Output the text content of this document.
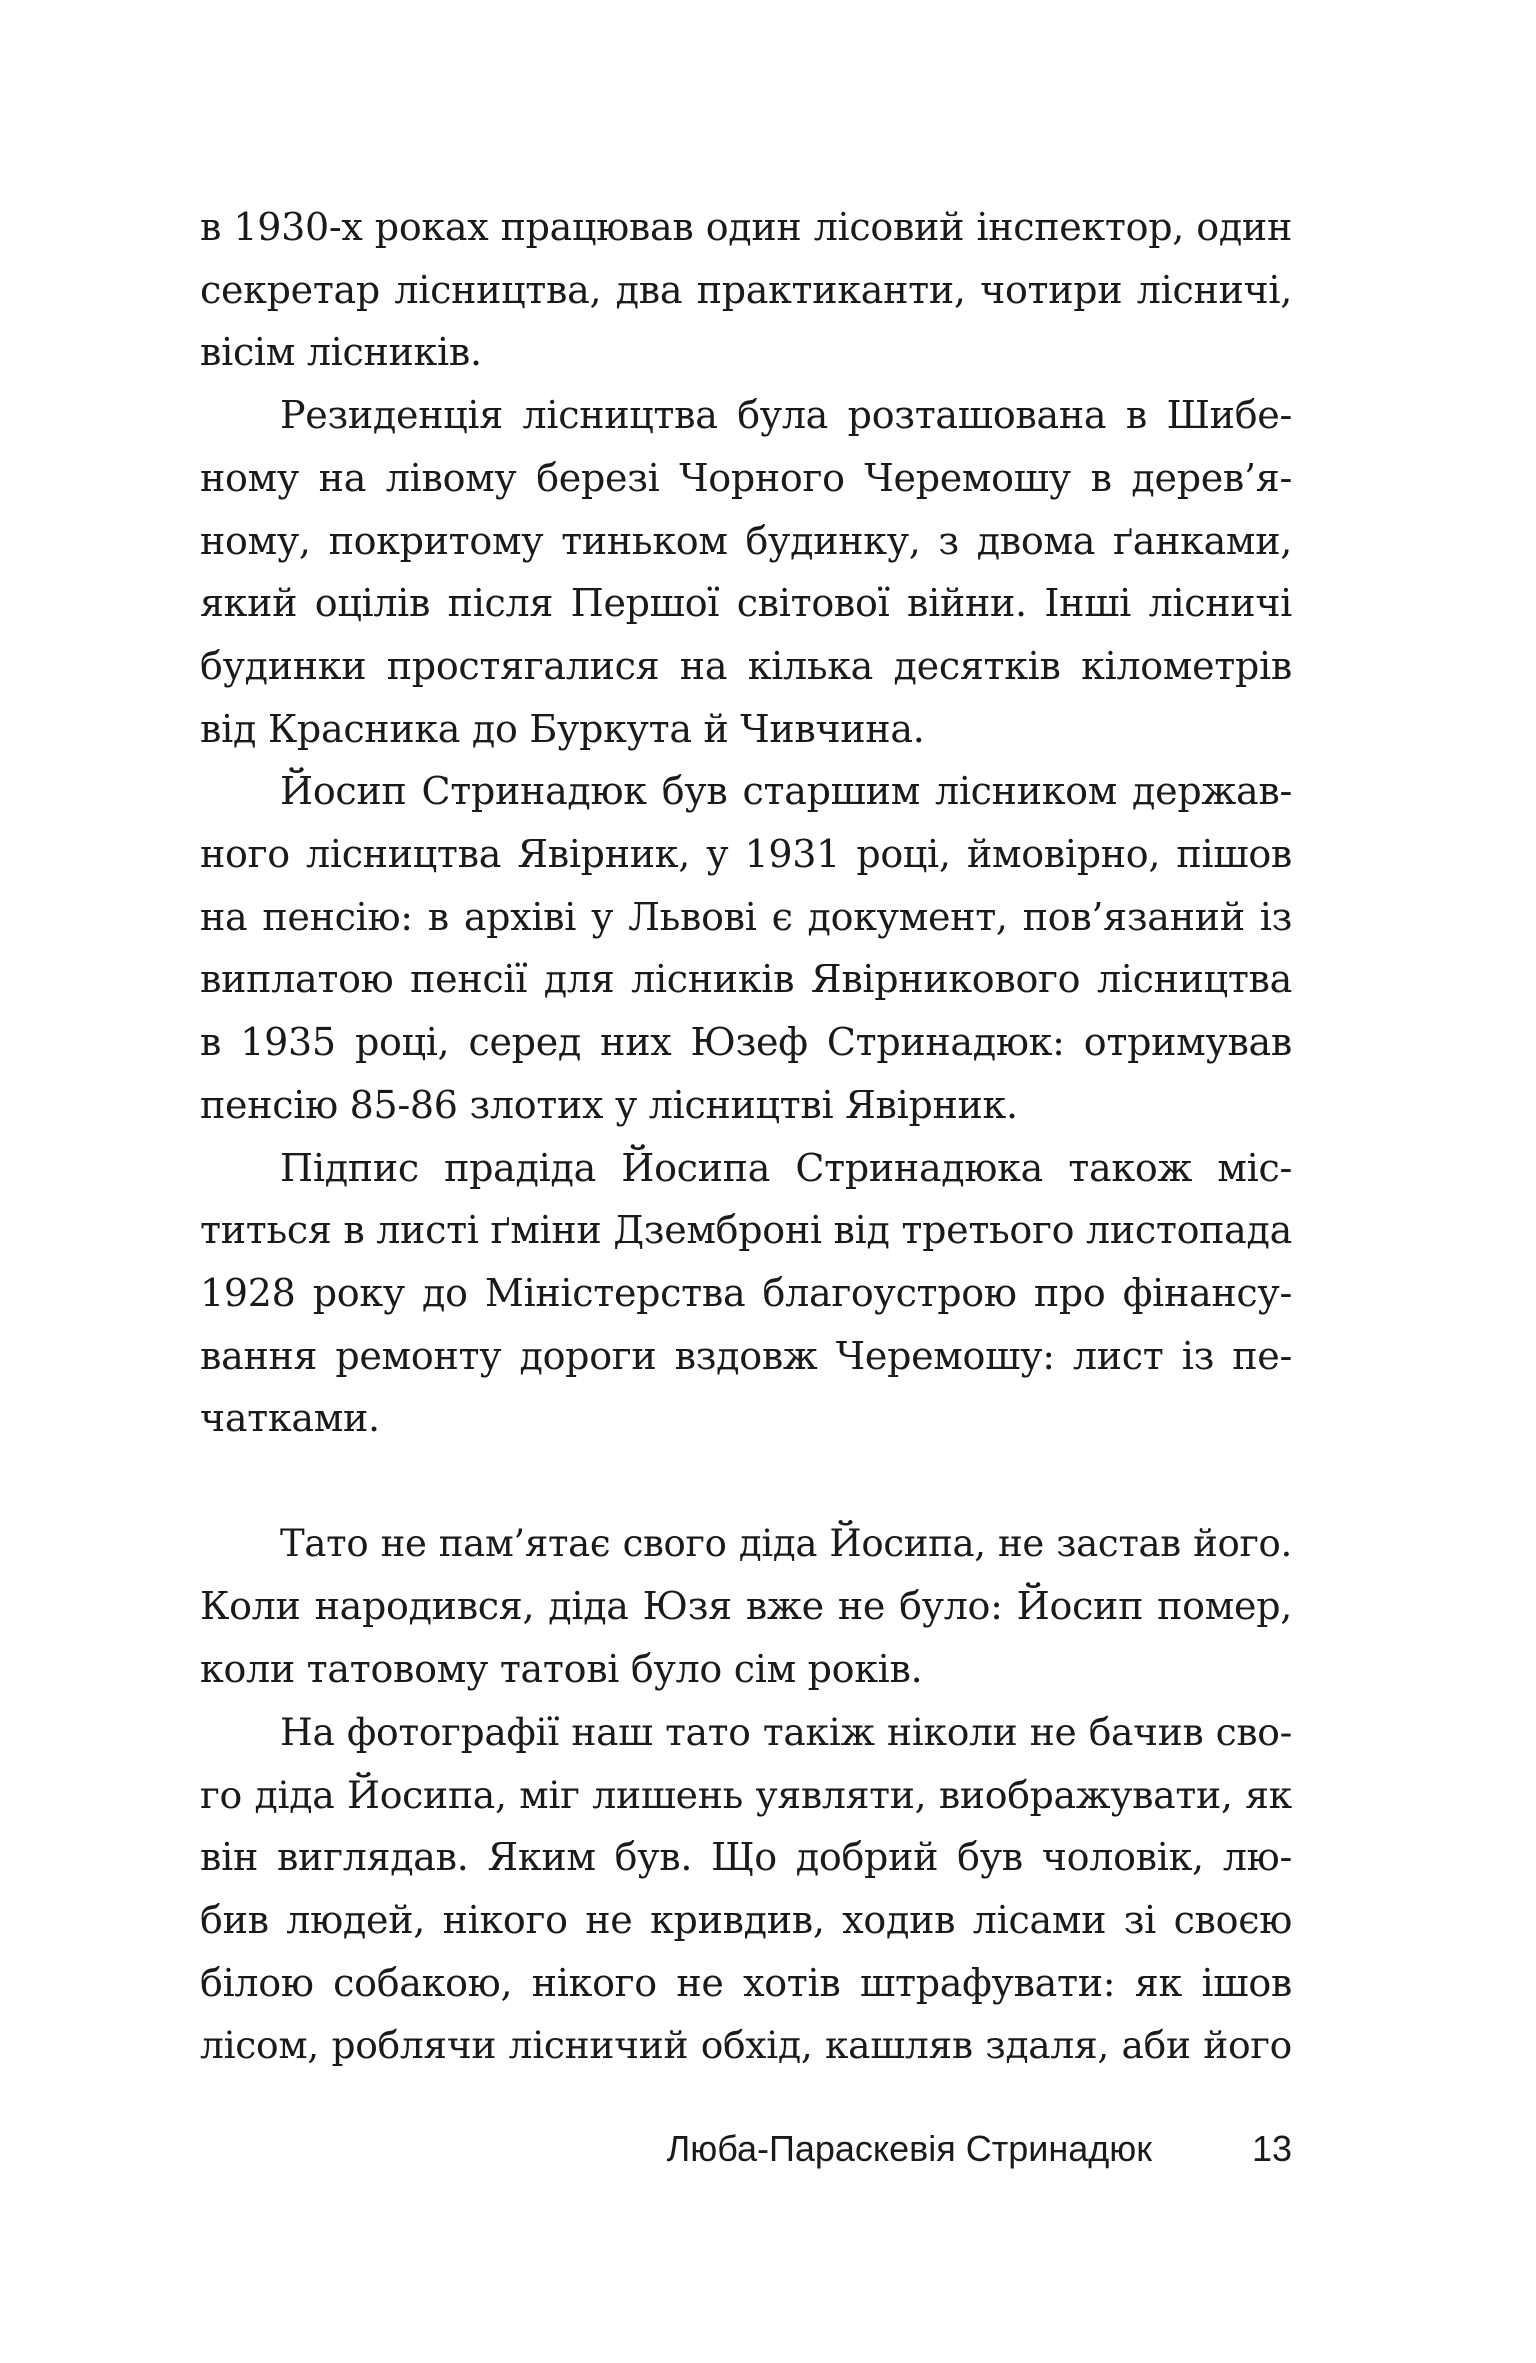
в 1930-х роках працював один лісовий інспектор, один
секретар лісництва, два практиканти, чотири лісничі,
вісім лісників.

Резиденція лісництва була розташована в Шибе-
ному на лівому березі Чорного Черемошу в дерев’я-
ному, покритому тиньком будинку, з двома ґанками,
який оцілів після Першої світової війни. Інші лісничі
будинки простягалися на кілька десятків кілометрів
від Красника до Буркута й Чивчина.

Йосип Стринадюк був старшим лісником держав-
ного лісництва Явірник, у 1931 році, ймовірно, пішов
на пенсію: в архіві у Львові є документ, пов’язаний із
виплатою пенсії для лісників Явірникового лісництва
в 1935 році, серед них Юзеф Стринадюк: отримував
пенсію 85-86 злотих у лісництві Явірник.

Підпис прадіда Йосипа Стринадюка також міс-
титься в листі ґміни Дземброні від третього листопада
1928 року до Міністерства благоустрою про фінансу-
вання ремонту дороги вздовж Черемошу: лист із пе-
чатками.

Тато не пам’ятає свого діда Йосипа, не застав його.
Коли народився, діда Юзя вже не було: Йосип помер,
коли татовому татові було сім років.

На фотографії наш тато такіж ніколи не бачив сво-
го діда Йосипа, міг лишень уявляти, виображувати, як
він виглядав. Яким був. Що добрий був чоловік, лю-
бив людей, нікого не кривдив, ходив лісами зі своєю
білою собакою, нікого не хотів штрафувати: як ішов
лісом, роблячи лісничий обхід, кашляв здаля, аби його

Люба-Параскевія Стринадюк	13
